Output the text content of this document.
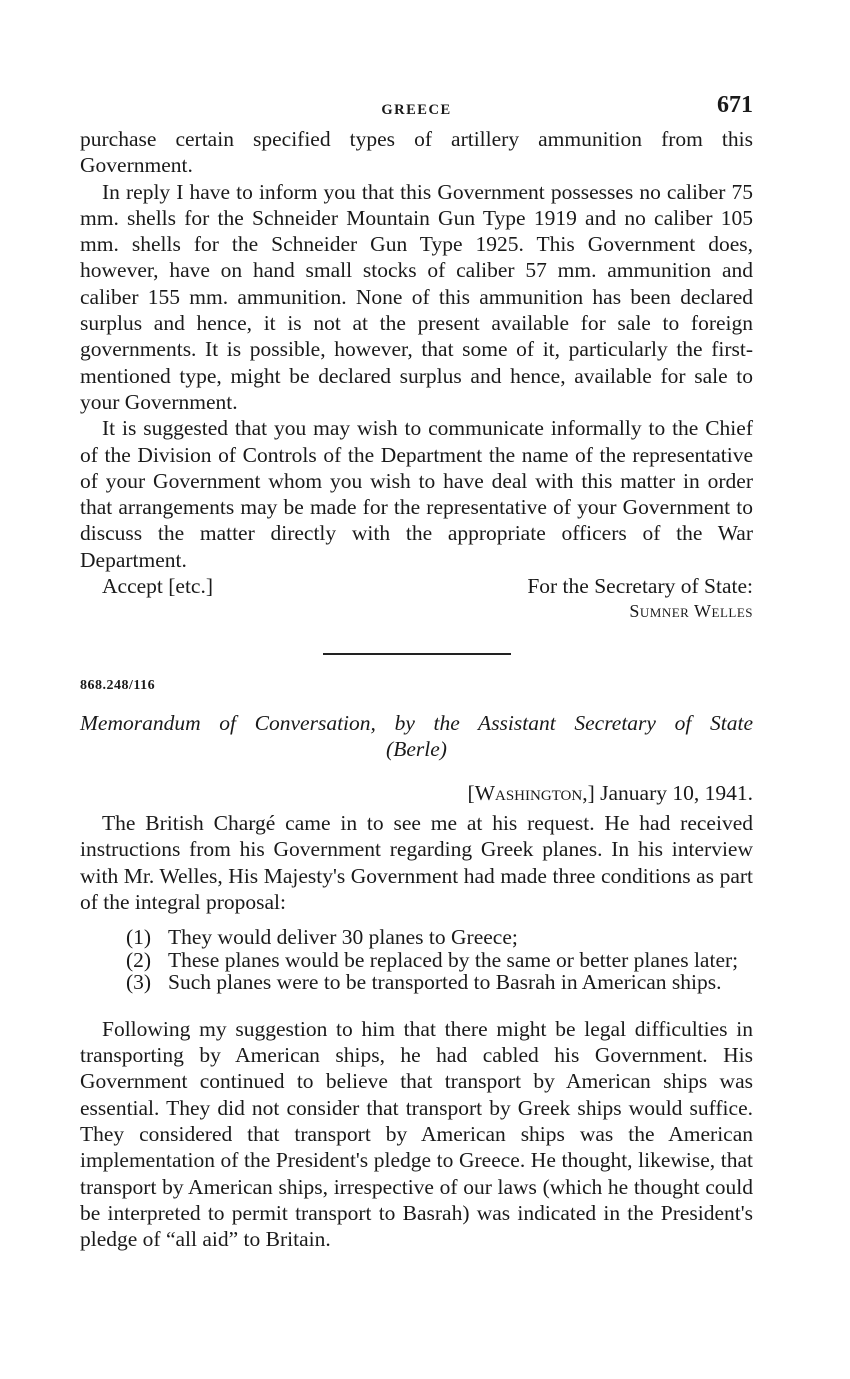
GREECE	671

purchase certain specified types of artillery ammunition from this Government.

In reply I have to inform you that this Government possesses no caliber 75 mm. shells for the Schneider Mountain Gun Type 1919 and no caliber 105 mm. shells for the Schneider Gun Type 1925. This Government does, however, have on hand small stocks of caliber 57 mm. ammunition and caliber 155 mm. ammunition. None of this ammunition has been declared surplus and hence, it is not at the present available for sale to foreign governments. It is possible, however, that some of it, particularly the first-mentioned type, might be declared surplus and hence, available for sale to your Government.

It is suggested that you may wish to communicate informally to the Chief of the Division of Controls of the Department the name of the representative of your Government whom you wish to have deal with this matter in order that arrangements may be made for the representative of your Government to discuss the matter directly with the appropriate officers of the War Department.

Accept [etc.]	For the Secretary of State:
Sumner Welles
868.248/116
Memorandum of Conversation, by the Assistant Secretary of State
(Berle)
[Washington,] January 10, 1941.

The British Chargé came in to see me at his request. He had received instructions from his Government regarding Greek planes. In his interview with Mr. Welles, His Majesty's Government had made three conditions as part of the integral proposal:

(1) They would deliver 30 planes to Greece;
(2) These planes would be replaced by the same or better planes later;
(3) Such planes were to be transported to Basrah in American ships.

Following my suggestion to him that there might be legal difficulties in transporting by American ships, he had cabled his Government. His Government continued to believe that transport by American ships was essential. They did not consider that transport by Greek ships would suffice. They considered that transport by American ships was the American implementation of the President's pledge to Greece. He thought, likewise, that transport by American ships, irrespective of our laws (which he thought could be interpreted to permit transport to Basrah) was indicated in the President's pledge of “all aid” to Britain.
